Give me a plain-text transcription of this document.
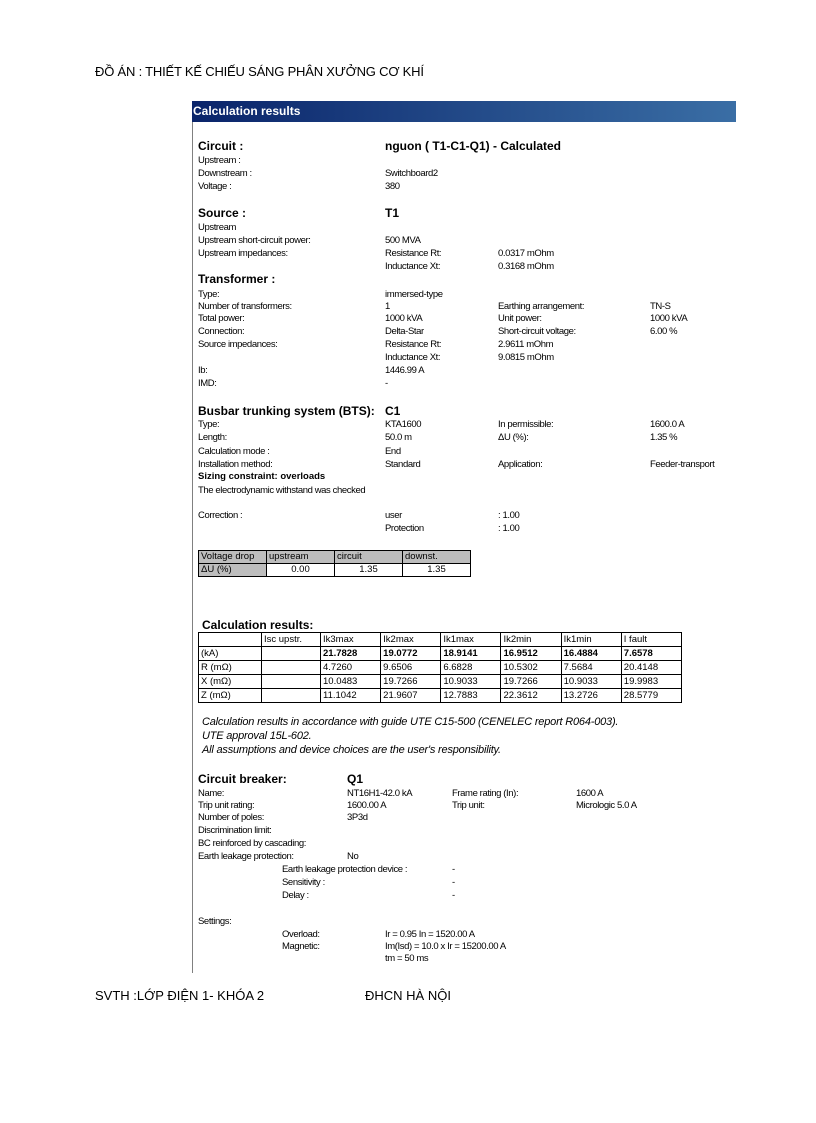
ĐỒ ÁN : THIẾT KẾ CHIẾU SÁNG PHÂN XƯỞNG CƠ KHÍ
Calculation results
Circuit :	nguon ( T1-C1-Q1) - Calculated
Upstream :
Downstream :	Switchboard2
Voltage :	380
Source :	T1
Upstream
Upstream short-circuit power:	500 MVA
Upstream impedances:	Resistance Rt:	0.0317 mOhm
Inductance Xt:	0.3168 mOhm
Transformer :
Type:	immersed-type
Number of transformers:	1	Earthing arrangement:	TN-S
Total power:	1000 kVA	Unit power:	1000 kVA
Connection:	Delta-Star	Short-circuit voltage:	6.00 %
Source impedances:	Resistance Rt:	2.9611 mOhm
Inductance Xt:	9.0815 mOhm
Ib:	1446.99 A
IMD:	-
Busbar trunking system (BTS): C1
Type:	KTA1600	In permissible:	1600.0 A
Length:	50.0 m	ΔU (%):	1.35 %
Calculation mode :	End
Installation method:	Standard	Application:	Feeder-transport
Sizing constraint: overloads
The electrodynamic withstand was checked
Correction :	user	: 1.00
Protection	: 1.00
Voltage drop	upstream	circuit	downst.
ΔU (%)	0.00	1.35	1.35
Calculation results:
	Isc upstr.	Ik3max	Ik2max	Ik1max	Ik2min	Ik1min	I fault
(kA)		21.7828	19.0772	18.9141	16.9512	16.4884	7.6578
R (mΩ)		4.7260	9.6506	6.6828	10.5302	7.5684	20.4148
X (mΩ)		10.0483	19.7266	10.9033	19.7266	10.9033	19.9983
Z (mΩ)		11.1042	21.9607	12.7883	22.3612	13.2726	28.5779
Calculation results in accordance with guide UTE C15-500 (CENELEC report R064-003).
UTE approval 15L-602.
All assumptions and device choices are the user's responsibility.
Circuit breaker:	Q1
Name:	NT16H1-42.0 kA	Frame rating (In):	1600 A
Trip unit rating:	1600.00 A	Trip unit:	Micrologic 5.0 A
Number of poles:	3P3d
Discrimination limit:
BC reinforced by cascading:
Earth leakage protection:	No
Earth leakage protection device :	-
Sensitivity :	-
Delay :	-
Settings:
Overload:	Ir = 0.95 In = 1520.00 A
Magnetic:	Im(Isd) = 10.0 x Ir = 15200.00 A
tm = 50 ms
SVTH :LỚP ĐIỆN 1- KHÓA 2	ĐHCN HÀ NỘI
